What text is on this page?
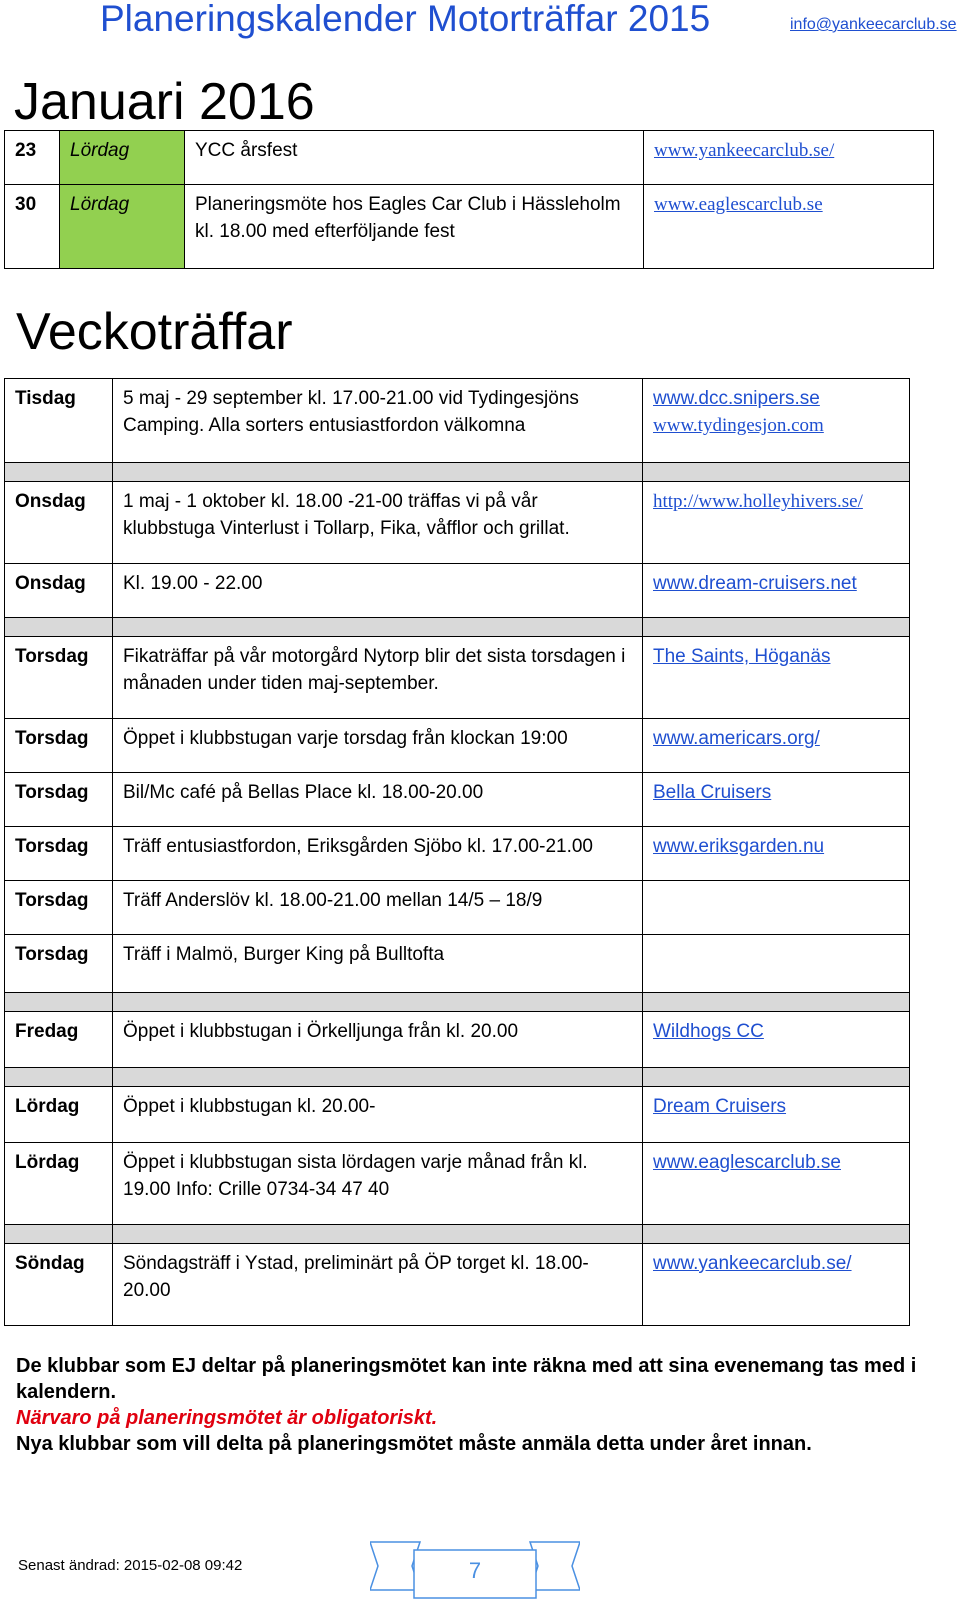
Planeringskalender Motorträffar 2015	info@yankeecarclub.se
Januari 2016
23	Lördag	YCC årsfest	www.yankeecarclub.se/
30	Lördag	Planeringsmöte hos Eagles Car Club i Hässleholm kl. 18.00 med efterföljande fest	www.eaglescarclub.se
Veckoträffar
Tisdag	5 maj - 29 september kl. 17.00-21.00 vid Tydingesjöns Camping. Alla sorters entusiastfordon välkomna	www.dcc.snipers.se
www.tydingesjon.com

Onsdag	1 maj - 1 oktober kl. 18.00 -21-00 träffas vi på vår klubbstuga Vinterlust i Tollarp, Fika, våfflor och grillat.	http://www.holleyhivers.se/
Onsdag	Kl. 19.00 - 22.00	www.dream-cruisers.net

Torsdag	Fikaträffar på vår motorgård Nytorp blir det sista torsdagen i månaden under tiden maj-september.	The Saints, Höganäs
Torsdag	Öppet i klubbstugan varje torsdag från klockan 19:00	www.americars.org/
Torsdag	Bil/Mc café på Bellas Place kl. 18.00-20.00	Bella Cruisers
Torsdag	Träff entusiastfordon, Eriksgården Sjöbo kl. 17.00-21.00	www.eriksgarden.nu
Torsdag	Träff Anderslöv kl. 18.00-21.00 mellan 14/5 – 18/9	
Torsdag	Träff i Malmö, Burger King på Bulltofta	

Fredag	Öppet i klubbstugan i Örkelljunga från kl. 20.00	Wildhogs CC

Lördag	Öppet i klubbstugan kl. 20.00-	Dream Cruisers
Lördag	Öppet i klubbstugan sista lördagen varje månad från kl. 19.00 Info: Crille 0734-34 47 40	www.eaglescarclub.se

Söndag	Söndagsträff i Ystad, preliminärt på ÖP torget kl. 18.00-20.00	www.yankeecarclub.se/
De klubbar som EJ deltar på planeringsmötet kan inte räkna med att sina evenemang tas med i kalendern.
Närvaro på planeringsmötet är obligatoriskt.
Nya klubbar som vill delta på planeringsmötet måste anmäla detta under året innan.
Senast ändrad: 2015-02-08 09:42	7
